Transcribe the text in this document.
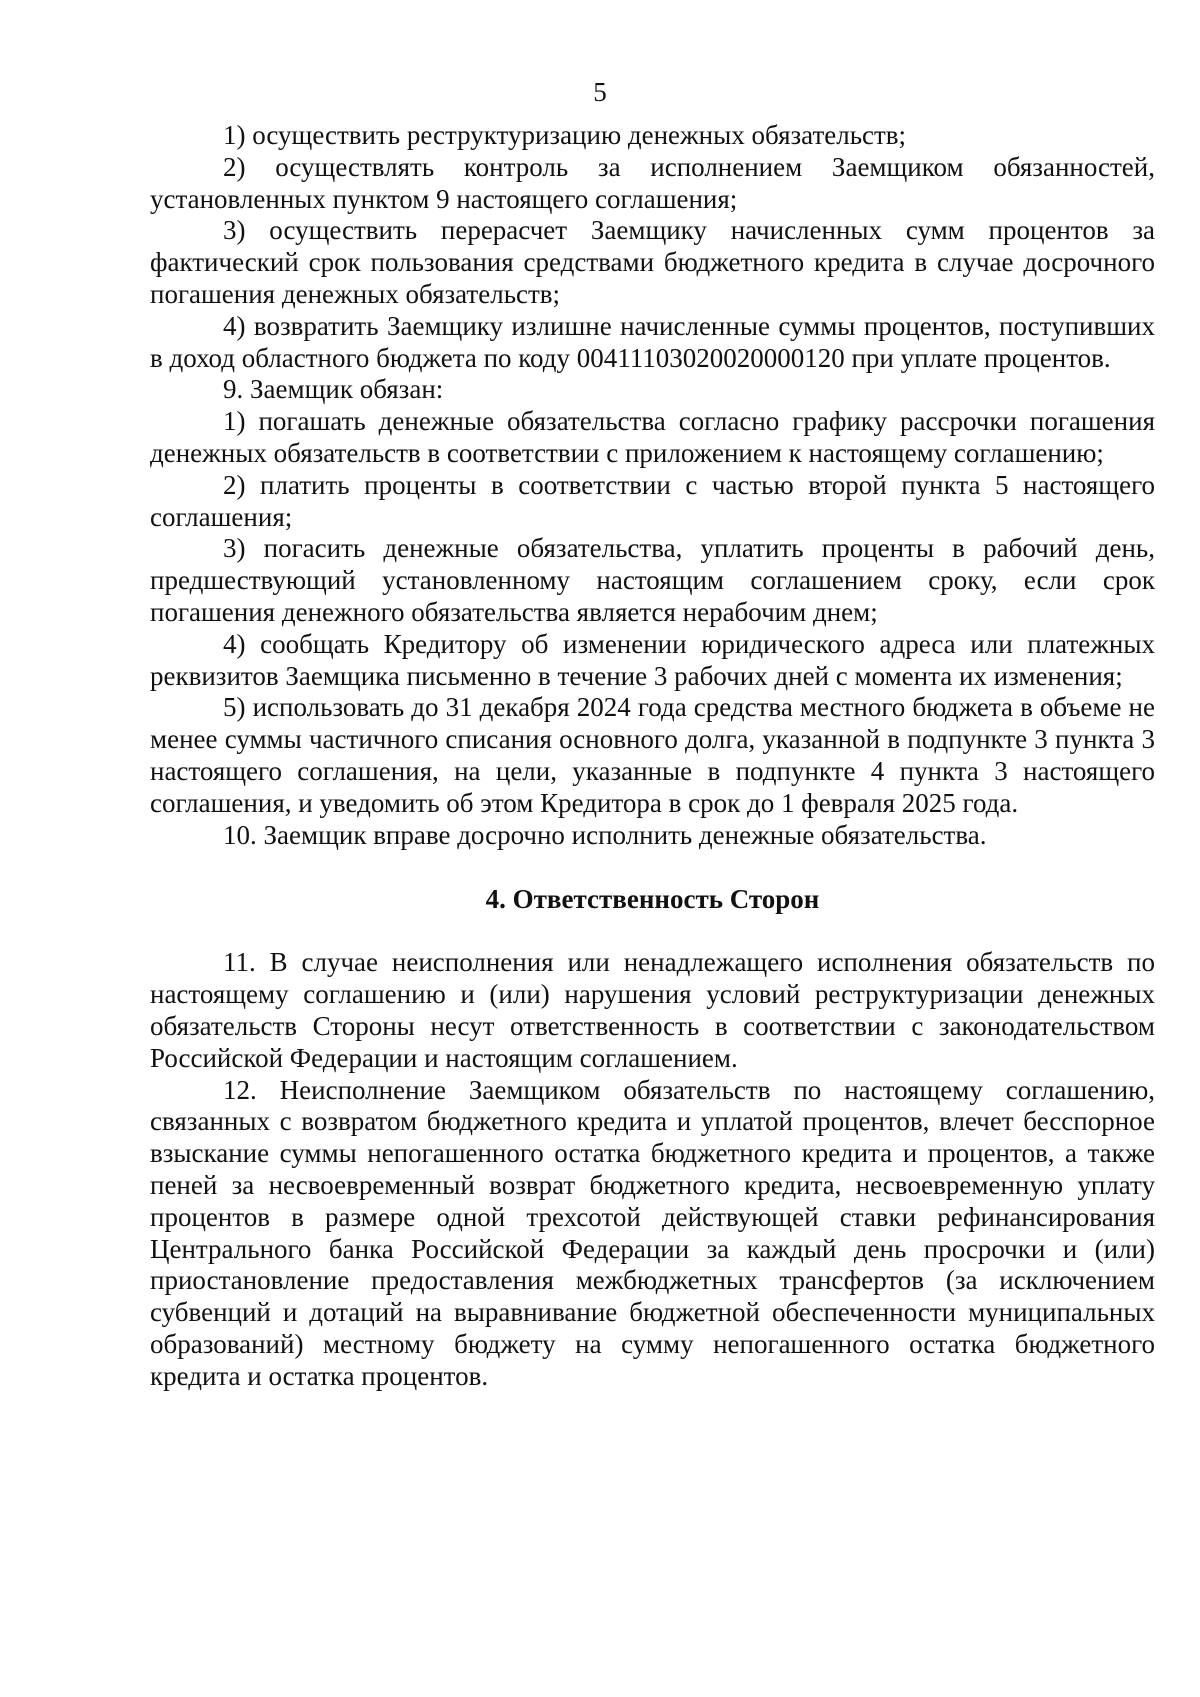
5

1) осуществить реструктуризацию денежных обязательств;

2) осуществлять контроль за исполнением Заемщиком обязанностей, установленных пунктом 9 настоящего соглашения;

3) осуществить перерасчет Заемщику начисленных сумм процентов за фактический срок пользования средствами бюджетного кредита в случае досрочного погашения денежных обязательств;

4) возвратить Заемщику излишне начисленные суммы процентов, поступивших в доход областного бюджета по коду 00411103020020000120 при уплате процентов.

9. Заемщик обязан:

1) погашать денежные обязательства согласно графику рассрочки погашения денежных обязательств в соответствии с приложением к настоящему соглашению;

2) платить проценты в соответствии с частью второй пункта 5 настоящего соглашения;

3) погасить денежные обязательства, уплатить проценты в рабочий день, предшествующий установленному настоящим соглашением сроку, если срок погашения денежного обязательства является нерабочим днем;

4) сообщать Кредитору об изменении юридического адреса или платежных реквизитов Заемщика письменно в течение 3 рабочих дней с момента их изменения;

5) использовать до 31 декабря 2024 года средства местного бюджета в объеме не менее суммы частичного списания основного долга, указанной в подпункте 3 пункта 3 настоящего соглашения, на цели, указанные в подпункте 4 пункта 3 настоящего соглашения, и уведомить об этом Кредитора в срок до 1 февраля 2025 года.

10. Заемщик вправе досрочно исполнить денежные обязательства.

4. Ответственность Сторон

11. В случае неисполнения или ненадлежащего исполнения обязательств по настоящему соглашению и (или) нарушения условий реструктуризации денежных обязательств Стороны несут ответственность в соответствии с законодательством Российской Федерации и настоящим соглашением.

12. Неисполнение Заемщиком обязательств по настоящему соглашению, связанных с возвратом бюджетного кредита и уплатой процентов, влечет бесспорное взыскание суммы непогашенного остатка бюджетного кредита и процентов, а также пеней за несвоевременный возврат бюджетного кредита, несвоевременную уплату процентов в размере одной трехсотой действующей ставки рефинансирования Центрального банка Российской Федерации за каждый день просрочки и (или) приостановление предоставления межбюджетных трансфертов (за исключением субвенций и дотаций на выравнивание бюджетной обеспеченности муниципальных образований) местному бюджету на сумму непогашенного остатка бюджетного кредита и остатка процентов.
